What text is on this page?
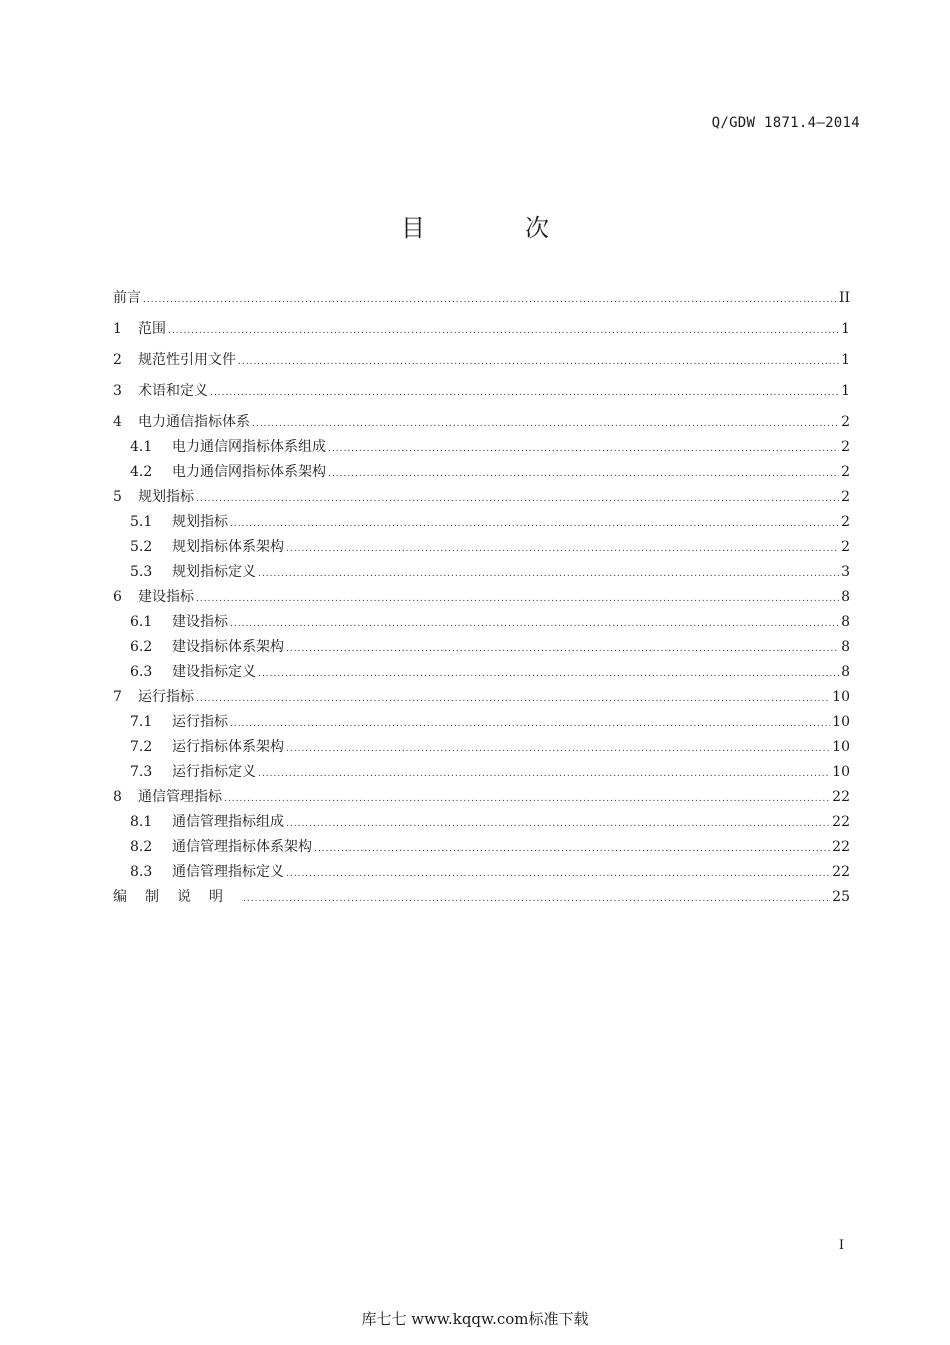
Q/GDW 1871.4—2014
目	次
前言 .....	II
1	范围 .....	1
2	规范性引用文件 .....	1
3	术语和定义 .....	1
4	电力通信指标体系 .....	2
4.1	电力通信网指标体系组成 .....	2
4.2	电力通信网指标体系架构 .....	2
5	规划指标 .....	2
5.1	规划指标 .....	2
5.2	规划指标体系架构 .....	2
5.3	规划指标定义 .....	3
6	建设指标 .....	8
6.1	建设指标 .....	8
6.2	建设指标体系架构 .....	8
6.3	建设指标定义 .....	8
7	运行指标 .....	10
7.1	运行指标 .....	10
7.2	运行指标体系架构 .....	10
7.3	运行指标定义 .....	10
8	通信管理指标 .....	22
8.1	通信管理指标组成 .....	22
8.2	通信管理指标体系架构 .....	22
8.3	通信管理指标定义 .....	22
编制说明 .....	25
I
库七七 www.kqqw.com标准下载
